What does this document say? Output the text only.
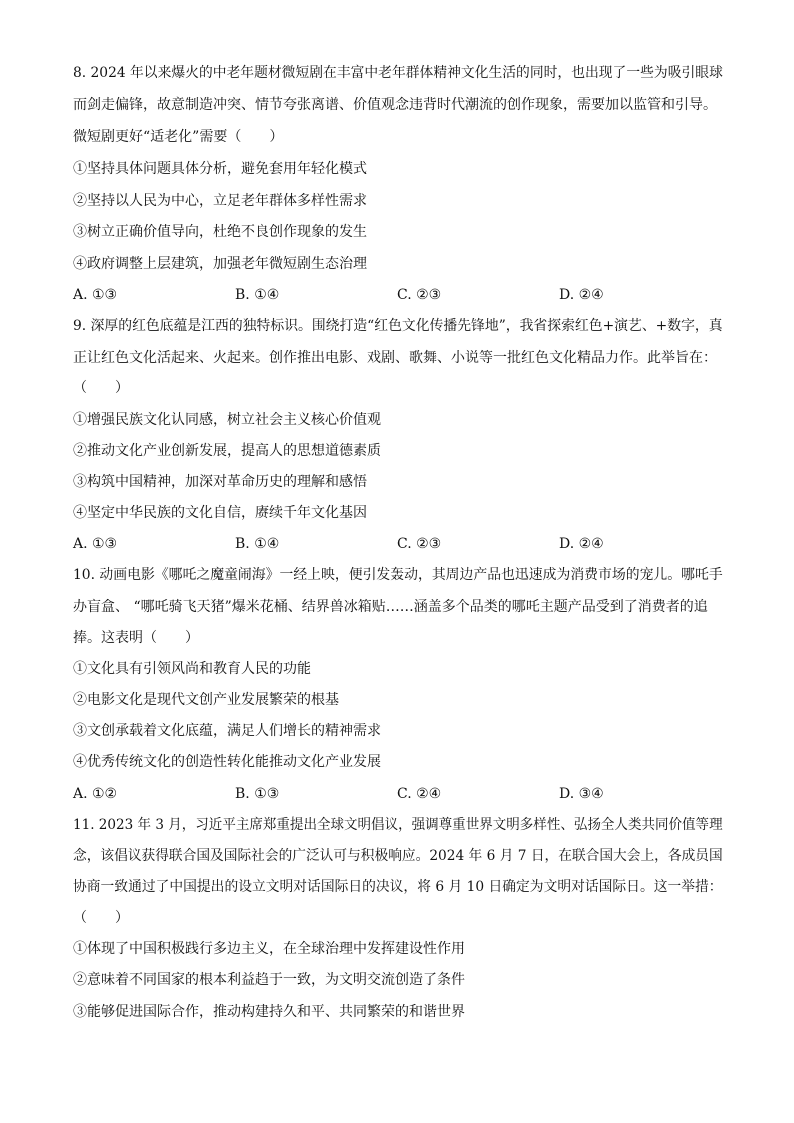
8. 2024 年以来爆火的中老年题材微短剧在丰富中老年群体精神文化生活的同时，也出现了一些为吸引眼球
而剑走偏锋，故意制造冲突、情节夸张离谱、价值观念违背时代潮流的创作现象，需要加以监管和引导。
微短剧更好“适老化”需要（　　）
①坚持具体问题具体分析，避免套用年轻化模式
②坚持以人民为中心，立足老年群体多样性需求
③树立正确价值导向，杜绝不良创作现象的发生
④政府调整上层建筑，加强老年微短剧生态治理
A. ①③	B. ①④	C. ②③	D. ②④
9. 深厚的红色底蕴是江西的独特标识。围绕打造“红色文化传播先锋地”，我省探索红色+演艺、+数字，真
正让红色文化活起来、火起来。创作推出电影、戏剧、歌舞、小说等一批红色文化精品力作。此举旨在：
（　　）
①增强民族文化认同感，树立社会主义核心价值观
②推动文化产业创新发展，提高人的思想道德素质
③构筑中国精神，加深对革命历史的理解和感悟
④坚定中华民族的文化自信，赓续千年文化基因
A. ①③	B. ①④	C. ②③	D. ②④
10. 动画电影《哪吒之魔童闹海》一经上映，便引发轰动，其周边产品也迅速成为消费市场的宠儿。哪吒手
办盲盒、 “哪吒骑飞天猪”爆米花桶、结界兽冰箱贴……涵盖多个品类的哪吒主题产品受到了消费者的追
捧。这表明（　　）
①文化具有引领风尚和教育人民的功能
②电影文化是现代文创产业发展繁荣的根基
③文创承载着文化底蕴，满足人们增长的精神需求
④优秀传统文化的创造性转化能推动文化产业发展
A. ①②	B. ①③	C. ②④	D. ③④
11. 2023 年 3 月，习近平主席郑重提出全球文明倡议，强调尊重世界文明多样性、弘扬全人类共同价值等理
念，该倡议获得联合国及国际社会的广泛认可与积极响应。2024 年 6 月 7 日，在联合国大会上，各成员国
协商一致通过了中国提出的设立文明对话国际日的决议，将 6 月 10 日确定为文明对话国际日。这一举措：
（　　）
①体现了中国积极践行多边主义，在全球治理中发挥建设性作用
②意味着不同国家的根本利益趋于一致，为文明交流创造了条件
③能够促进国际合作，推动构建持久和平、共同繁荣的和谐世界
